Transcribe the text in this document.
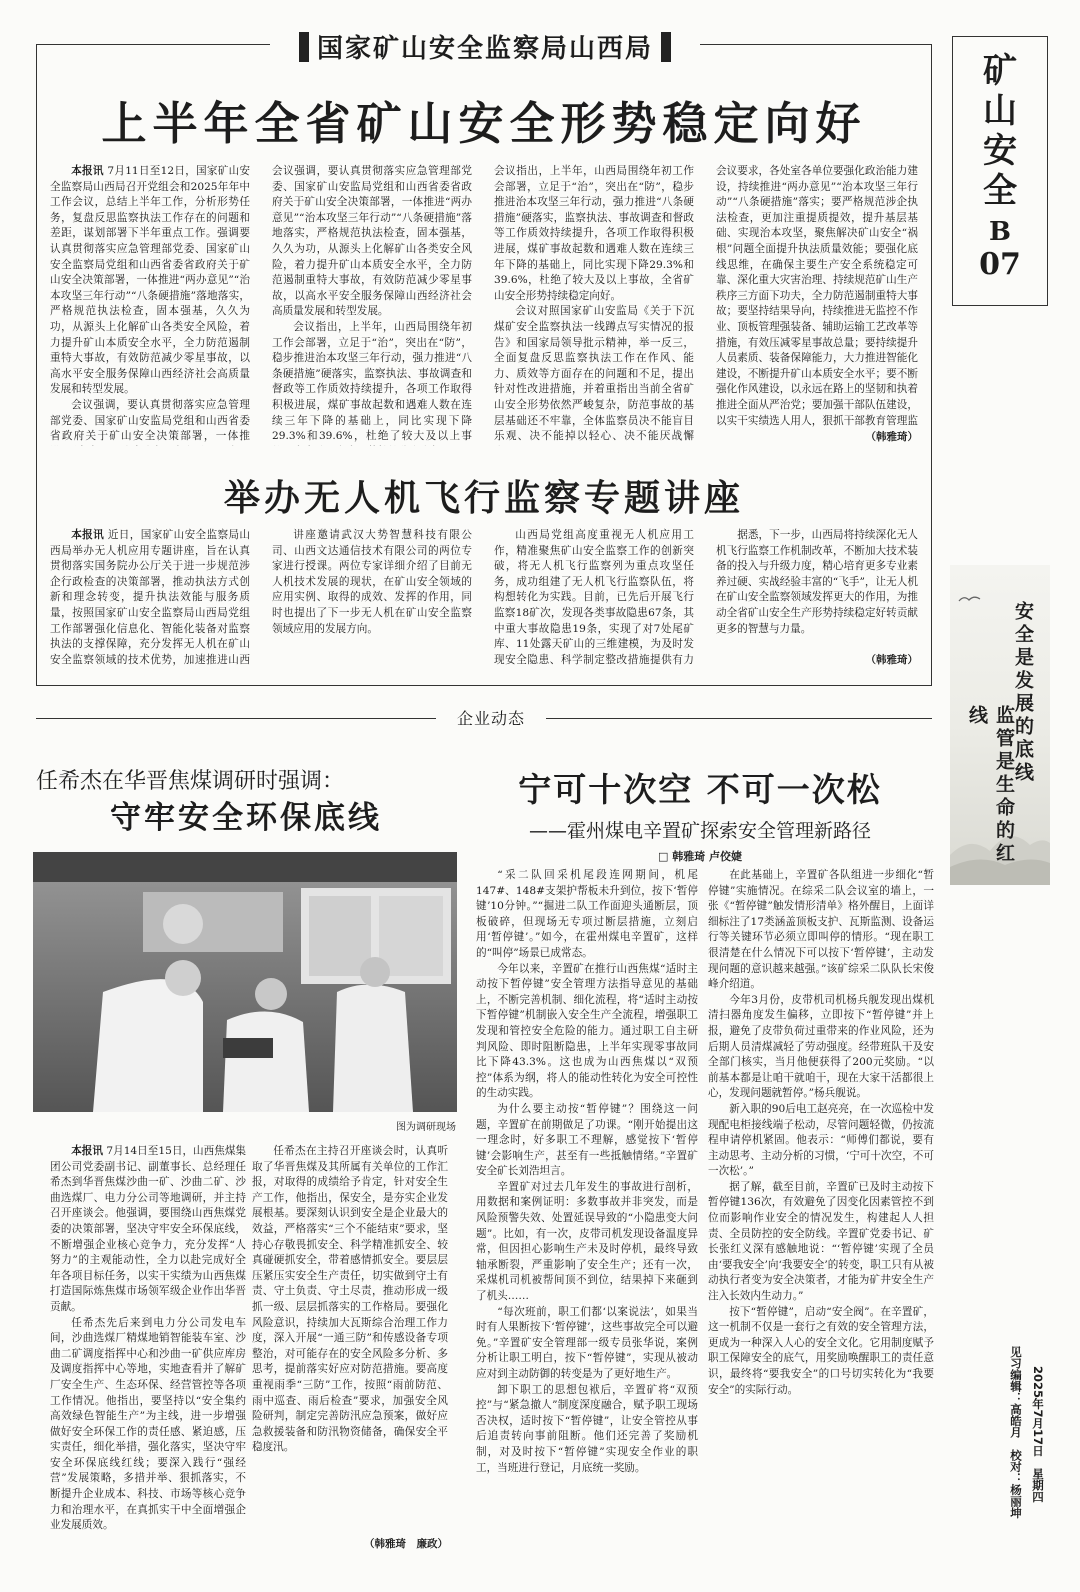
国家矿山安全监察局山西局
上半年全省矿山安全形势稳定向好

本报讯 7月11日至12日，国家矿山安全监察局山西局召开党组会和2025年年中工作会议，总结上半年工作，分析形势任务，复盘反思监察执法工作存在的问题和差距，谋划部署下半年重点工作。强调要认真贯彻落实应急管理部党委、国家矿山安全监察局党组和山西省委省政府关于矿山安全决策部署，一体推进“两办意见”“治本攻坚三年行动”“八条硬措施”落地落实，严格规范执法检查，固本强基，久久为功，从源头上化解矿山各类安全风险，着力提升矿山本质安全水平，全力防范遏制重特大事故，有效防范减少零星事故，以高水平安全服务保障山西经济社会高质量发展和转型发展。

会议强调，要认真贯彻落实应急管理部党委、国家矿山安监局党组和山西省委省政府关于矿山安全决策部署，一体推

会议强调，要认真贯彻落实应急管理部党委、国家矿山安监局党组和山西省委省政府关于矿山安全决策部署，一体推进“两办意见”“治本攻坚三年行动”“八条硬措施”落地落实，严格规范执法检查，固本强基，久久为功，从源头上化解矿山各类安全风险，着力提升矿山本质安全水平，全力防范遏制重特大事故，有效防范减少零星事故，以高水平安全服务保障山西经济社会高质量发展和转型发展。

会议指出，上半年，山西局围绕年初工作会部署，立足于“治”，突出在“防”，稳步推进治本攻坚三年行动，强力推进“八条硬措施”硬落实，监察执法、事故调查和督政等工作质效持续提升，各项工作取得积极进展，煤矿事故起数和遇难人数在连续三年下降的基础上，同比实现下降29.3%和39.6%，杜绝了较大及以上事

会议指出，上半年，山西局围绕年初工作会部署，立足于“治”，突出在“防”，稳步推进治本攻坚三年行动，强力推进“八条硬措施”硬落实，监察执法、事故调查和督政等工作质效持续提升，各项工作取得积极进展，煤矿事故起数和遇难人数在连续三年下降的基础上，同比实现下降29.3%和39.6%，杜绝了较大及以上事故，全省矿山安全形势持续稳定向好。

会议对照国家矿山安监局《关于下沉煤矿安全监察执法一线蹲点写实情况的报告》和国家局领导批示精神，举一反三，全面复盘反思监察执法工作在作风、能力、质效等方面存在的问题和不足，提出针对性改进措施，并着重指出当前全省矿山安全形势依然严峻复杂，防范事故的基层基础还不牢靠，全体监察员决不能盲目乐观、决不能掉以轻心、决不能厌战懈

会议要求，各处室各单位要强化政治能力建设，持续推进“两办意见”“治本攻坚三年行动”“八条硬措施”落实；要严格规范涉企执法检查，更加注重提质提效，提升基层基础、实现治本攻坚，聚焦解决矿山安全“祸根”问题全面提升执法质量效能；要强化底线思维，在确保主要生产安全系统稳定可靠、深化重大灾害治理、持续规范矿山生产秩序三方面下功夫，全力防范遏制重特大事故；要坚持结果导向，持续推进无监控不作业、顶板管理强装备、辅助运输工艺改革等措施，有效压减零星事故总量；要持续提升人员素质、装备保障能力，大力推进智能化建设，不断提升矿山本质安全水平；要不断强化作风建设，以永远在路上的坚韧和执着推进全面从严治党；要加强干部队伍建设，以实干实绩选人用人，狠抓干部教育管理监

（韩雅琦）
举办无人机飞行监察专题讲座

本报讯 近日，国家矿山安全监察局山西局举办无人机应用专题讲座，旨在认真贯彻落实国务院办公厅关于进一步规范涉企行政检查的决策部署，推动执法方式创新和理念转变，提升执法效能与服务质量，按照国家矿山安全监察局山西局党组工作部署强化信息化、智能化装备对监察执法的支撑保障，充分发挥无人机在矿山安全监察领域的技术优势，加速推进山西

讲座邀请武汉大势智慧科技有限公司、山西文达通信技术有限公司的两位专家进行授课。两位专家详细介绍了目前无人机技术发展的现状，在矿山安全领域的应用实例、取得的成效、发挥的作用，同时也提出了下一步无人机在矿山安全监察领域应用的发展方向。

山西局党组高度重视无人机应用工作，精准聚焦矿山安全监察工作的创新突破，将无人机飞行监察列为重点攻坚任务，成功组建了无人机飞行监察队伍，将构想转化为实践。目前，已先后开展飞行监察18矿次，发现各类事故隐患67条，其中重大事故隐患19条，实现了对7处尾矿库、11处露天矿山的三维建模，为及时发现安全隐患、科学制定整改措施提供有力

据悉，下一步，山西局将持续深化无人机飞行监察工作机制改革，不断加大技术装备的投入与升级力度，精心培育更多专业素养过硬、实战经验丰富的“飞手”，让无人机在矿山安全监察领域发挥更大的作用，为推动全省矿山安全生产形势持续稳定好转贡献更多的智慧与力量。

（韩雅琦）
矿
山
安
全
B
07
安全是发展的底线
监管是生命的红线
企业动态
任希杰在华晋焦煤调研时强调：
守牢安全环保底线
图为调研现场

本报讯 7月14日至15日，山西焦煤集团公司党委副书记、副董事长、总经理任希杰到华晋焦煤沙曲一矿、沙曲二矿、沙曲选煤厂、电力分公司等地调研，并主持召开座谈会。他强调，要围绕山西焦煤党委的决策部署，坚决守牢安全环保底线，不断增强企业核心竞争力，充分发挥“人努力”的主观能动性，全力以赴完成好全年各项目标任务，以实干实绩为山西焦煤打造国际炼焦煤市场领军级企业作出华晋贡献。

任希杰先后来到电力分公司发电车间，沙曲选煤厂精煤地销智能装车室、沙曲二矿调度指挥中心和沙曲一矿供应库房及调度指挥中心等地，实地查看并了解矿厂安全生产、生态环保、经营管控等各项工作情况。他指出，要坚持以“安全集约高效绿色智能生产”为主线，进一步增强做好安全环保工作的责任感、紧迫感，压实责任，细化举措，强化落实，坚决守牢安全环保底线红线；要深入践行“强经营”发展策略，多措并举、狠抓落实，不断提升企业成本、科技、市场等核心竞争力和治理水平，在真抓实干中全面增强企业发展质效。

任希杰在主持召开座谈会时，认真听取了华晋焦煤及其所属有关单位的工作汇报，对取得的成绩给予肯定，针对安全生产工作，他指出，保安全，是夯实企业发展根基。要深刻认识到安全是企业最大的效益，严格落实“三个不能结束”要求，坚持心存敬畏抓安全、科学精准抓安全、较真碰硬抓安全，带着感情抓安全。要层层压紧压实安全生产责任，切实做到守土有责、守土负责、守土尽责，推动形成一级抓一级、层层抓落实的工作格局。要强化风险意识，持续加大瓦斯综合治理工作力度，深入开展“一通三防”和传感设备专项整治，对可能存在的安全风险多分析、多思考，提前落实好应对防范措施。要高度重视雨季“三防”工作，按照“雨前防范、雨中巡查、雨后检查”要求，加强安全风险研判，制定完善防汛应急预案，做好应急救援装备和防汛物资储备，确保安全平稳度汛。

（韩雅琦　廉政）
宁可十次空 不可一次松
——霍州煤电辛置矿探索安全管理新路径
□ 韩雅琦 卢佼婕

“采二队回采机尾段连网期间，机尾147#、148#支架护帮板未升到位，按下‘暂停键’10分钟。”“掘进二队工作面迎头通断层，顶板破碎，但现场无专项过断层措施，立刻启用‘暂停键’。”如今，在霍州煤电辛置矿，这样的“叫停”场景已成常态。

今年以来，辛置矿在推行山西焦煤“适时主动按下暂停键”安全管理方法指导意见的基础上，不断完善机制、细化流程，将“适时主动按下暂停键”机制嵌入安全生产全流程，增强职工发现和管控安全危险的能力。通过职工自主研判风险、即时阻断隐患，上半年实现零事故同比下降43.3%。这也成为山西焦煤以“双预控”体系为纲，将人的能动性转化为安全可控性的生动实践。

为什么要主动按“暂停键”？围绕这一问题，辛置矿在前期做足了功课。“刚开始提出这一理念时，好多职工不理解，感觉按下‘暂停键’会影响生产，甚至有一些抵触情绪。”辛置矿安全矿长刘浩坦言。

辛置矿对过去几年发生的事故进行剖析，用数据和案例证明：多数事故并非突发，而是风险预警失效、处置延误导致的“小隐患变大问题”。比如，有一次，皮带司机发现设备温度异常，但因担心影响生产未及时停机，最终导致轴承断裂，严重影响了安全生产；还有一次，采煤机司机被帮间顶不到位，结果掉下来砸到了机头……

“每次班前，职工们都‘以案说法’，如果当时有人果断按下‘暂停键’，这些事故完全可以避免。”辛置矿安全管理部一级专员张华说，案例分析让职工明白，按下“暂停键”，实现从被动应对到主动防御的转变是为了更好地生产。

卸下职工的思想包袱后，辛置矿将“双预控”与“紧急撤人”制度深度融合，赋予职工现场否决权，适时按下“暂停键”，让安全管控从事后追责转向事前阻断。他们还完善了奖励机制，对及时按下“暂停键”实现安全作业的职工，当班进行登记，月底统一奖励。

在此基础上，辛置矿各队组进一步细化“暂停键”实施情况。在综采二队会议室的墙上，一张《“暂停键”触发情形清单》格外醒目，上面详细标注了17类涵盖顶板支护、瓦斯监测、设备运行等关键环节必须立即叫停的情形。“现在职工很清楚在什么情况下可以按下‘暂停键’，主动发现问题的意识越来越强。”该矿综采二队队长宋俊峰介绍道。

今年3月份，皮带机司机杨兵舰发现出煤机清扫器角度发生偏移，立即按下“暂停键”并上报，避免了皮带负荷过重带来的作业风险，还为后期人员清煤减轻了劳动强度。经带班队干及安全部门核实，当月他便获得了200元奖励。“以前基本都是让咱干就咱干，现在大家干活都很上心，发现问题就暂停。”杨兵舰说。

新入职的90后电工赵亮亮，在一次巡检中发现配电柜接线端子松动，尽管问题轻微，仍按流程申请停机紧固。他表示：“师傅们都说，要有主动思考、主动分析的习惯，‘宁可十次空，不可一次松’。”

据了解，截至目前，辛置矿已及时主动按下暂停键136次，有效避免了因变化因素管控不到位而影响作业安全的情况发生，构建起人人担责、全员防控的安全防线。辛置矿党委书记、矿长张红义深有感触地说：“‘暂停键’实现了全员由‘要我安全’向‘我要安全’的转变，职工只有从被动执行者变为安全决策者，才能为矿井安全生产注入长效内生动力。”

按下“暂停键”，启动“安全阀”。在辛置矿，这一机制不仅是一套行之有效的安全管理方法，更成为一种深入人心的安全文化。它用制度赋予职工保障安全的底气，用奖励唤醒职工的责任意识，最终将“要我安全”的口号切实转化为“我要安全”的实际行动。	见习编辑：高皓月　校对：杨丽坤 2025年7月17日　星期四
